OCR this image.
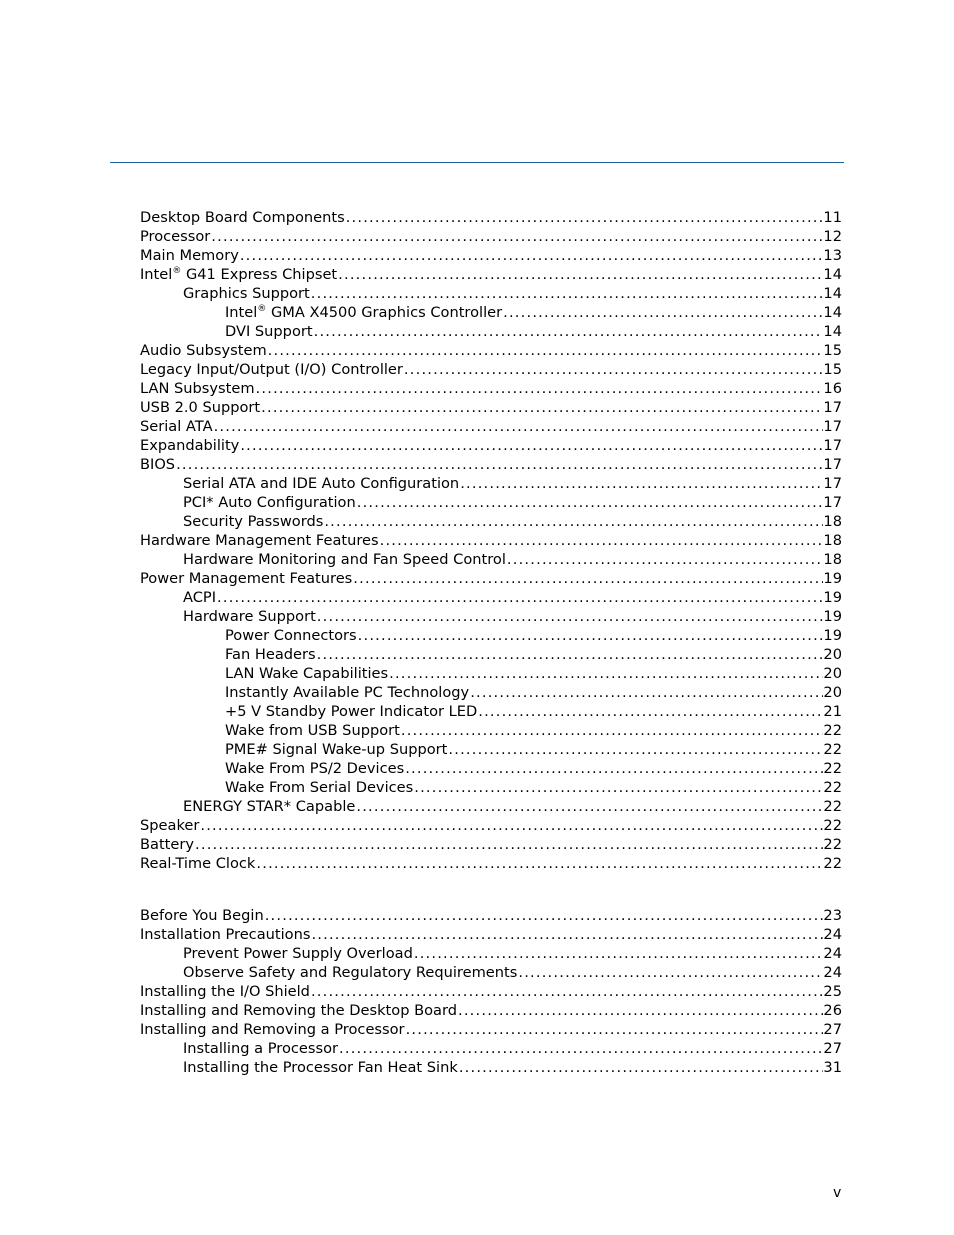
Desktop Board Components .....	11
Processor .....	12
Main Memory .....	13
Intel® G41 Express Chipset .....	14
Graphics Support .....	14
Intel® GMA X4500 Graphics Controller .....	14
DVI Support .....	14
Audio Subsystem .....	15
Legacy Input/Output (I/O) Controller .....	15
LAN Subsystem .....	16
USB 2.0 Support .....	17
Serial ATA .....	17
Expandability .....	17
BIOS .....	17
Serial ATA and IDE Auto Configuration .....	17
PCI* Auto Configuration .....	17
Security Passwords .....	18
Hardware Management Features .....	18
Hardware Monitoring and Fan Speed Control .....	18
Power Management Features .....	19
ACPI .....	19
Hardware Support .....	19
Power Connectors .....	19
Fan Headers .....	20
LAN Wake Capabilities .....	20
Instantly Available PC Technology .....	20
+5 V Standby Power Indicator LED .....	21
Wake from USB Support .....	22
PME# Signal Wake-up Support .....	22
Wake From PS/2 Devices .....	22
Wake From Serial Devices .....	22
ENERGY STAR* Capable .....	22
Speaker .....	22
Battery .....	22
Real-Time Clock .....	22
Before You Begin .....	23
Installation Precautions .....	24
Prevent Power Supply Overload .....	24
Observe Safety and Regulatory Requirements .....	24
Installing the I/O Shield .....	25
Installing and Removing the Desktop Board .....	26
Installing and Removing a Processor .....	27
Installing a Processor .....	27
Installing the Processor Fan Heat Sink .....	31
v
